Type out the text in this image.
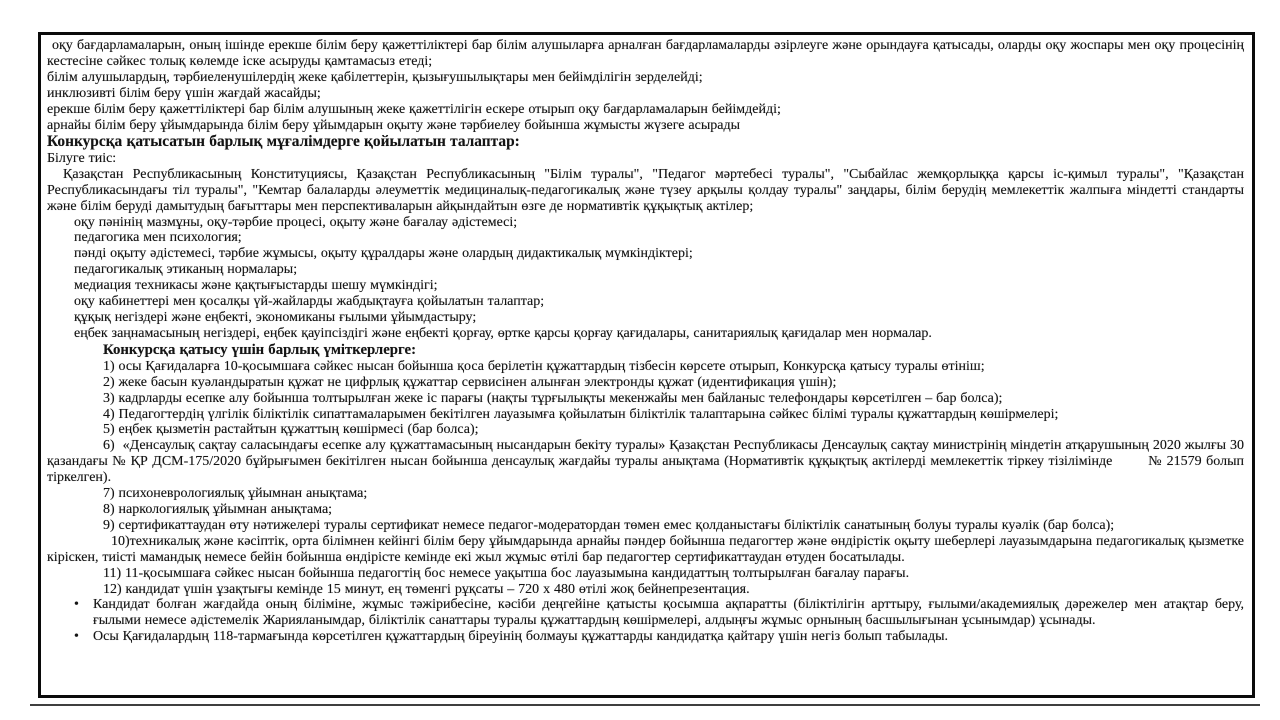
оқу бағдарламаларын, оның ішінде ерекше білім беру қажеттіліктері бар білім алушыларға арналған бағдарламаларды әзірлеуге және орындауға қатысады, оларды оқу жоспары мен оқу процесінің кестесіне сәйкес толық көлемде іске асыруды қамтамасыз етеді;

білім алушылардың, тәрбиеленушілердің жеке қабілеттерін, қызығушылықтары мен бейімділігін зерделейді;

инклюзивті білім беру үшін жағдай жасайды;

ерекше білім беру қажеттіліктері бар білім алушының жеке қажеттілігін ескере отырып оқу бағдарламаларын бейімдейді;

арнайы білім беру ұйымдарында білім беру ұйымдарын оқыту және тәрбиелеу бойынша жұмысты жүзеге асырады

Конкурсқа қатысатын барлық мұғалімдерге қойылатын талаптар:

Білуге тиіс:

Қазақстан Республикасының Конституциясы, Қазақстан Республикасының "Білім туралы", "Педагог мәртебесі туралы", "Сыбайлас жемқорлыққа қарсы іс-қимыл туралы", "Қазақстан Республикасындағы тіл туралы", "Кемтар балаларды әлеуметтік медициналық-педагогикалық және түзеу арқылы қолдау туралы" заңдары, білім берудің мемлекеттік жалпыға міндетті стандарты және білім беруді дамытудың бағыттары мен перспективаларын айқындайтын өзге де нормативтік құқықтық актілер;

оқу пәнінің мазмұны, оқу-тәрбие процесі, оқыту және бағалау әдістемесі;
педагогика мен психология;
пәнді оқыту әдістемесі, тәрбие жұмысы, оқыту құралдары және олардың дидактикалық мүмкіндіктері;
педагогикалық этиканың нормалары;
медиация техникасы және қақтығыстарды шешу мүмкіндігі;
оқу кабинеттері мен қосалқы үй-жайларды жабдықтауға қойылатын талаптар;
құқық негіздері және еңбекті, экономиканы ғылыми ұйымдастыру;
еңбек заңнамасының негіздері, еңбек қауіпсіздігі және еңбекті қорғау, өртке қарсы қорғау қағидалары, санитариялық қағидалар мен нормалар.

Конкурсқа қатысу үшін барлық үміткерлерге:

1) осы Қағидаларға 10-қосымшаға сәйкес нысан бойынша қоса берілетін құжаттардың тізбесін көрсете отырып, Конкурсқа қатысу туралы өтініш;

2) жеке басын куәландыратын құжат не цифрлық құжаттар сервисінен алынған электронды құжат (идентификация үшін);

3) кадрларды есепке алу бойынша толтырылған жеке іс парағы (нақты тұрғылықты мекенжайы мен байланыс телефондары көрсетілген – бар болса);

4) Педагогтердің үлгілік біліктілік сипаттамаларымен бекітілген лауазымға қойылатын біліктілік талаптарына сәйкес білімі туралы құжаттардың көшірмелері;

5) еңбек қызметін растайтын құжаттың көшірмесі (бар болса);

6)  «Денсаулық сақтау саласындағы есепке алу құжаттамасының нысандарын бекіту туралы» Қазақстан Республикасы Денсаулық сақтау министрінің міндетін атқарушының 2020 жылғы 30 қазандағы № ҚР ДСМ-175/2020 бұйрығымен бекітілген нысан бойынша денсаулық жағдайы туралы анықтама (Нормативтік құқықтық актілерді мемлекеттік тіркеу тізілімінде        № 21579 болып тіркелген).

7) психоневрологиялық ұйымнан анықтама;

8) наркологиялық ұйымнан анықтама;

9) сертификаттаудан өту нәтижелері туралы сертификат немесе педагог-модератордан төмен емес қолданыстағы біліктілік санатының болуы туралы куәлік (бар болса);

10)техникалық және кәсіптік, орта білімнен кейінгі білім беру ұйымдарында арнайы пәндер бойынша педагогтер және өндірістік оқыту шеберлері лауазымдарына педагогикалық қызметке кіріскен, тиісті мамандық немесе бейін бойынша өндірісте кемінде екі жыл жұмыс өтілі бар педагогтер сертификаттаудан өтуден босатылады.

11) 11-қосымшаға сәйкес нысан бойынша педагогтің бос немесе уақытша бос лауазымына кандидаттың толтырылған бағалау парағы.

12) кандидат үшін ұзақтығы кемінде 15 минут, ең төменгі рұқсаты – 720 х 480 өтілі жоқ бейнепрезентация.

• Кандидат болған жағдайда оның біліміне, жұмыс тәжірибесіне, кәсіби деңгейіне қатысты қосымша ақпаратты (біліктілігін арттыру, ғылыми/академиялық дәрежелер мен атақтар беру, ғылыми немесе әдістемелік Жарияланымдар, біліктілік санаттары туралы құжаттардың көшірмелері, алдыңғы жұмыс орнының басшылығынан ұсынымдар) ұсынады.
• Осы Қағидалардың 118-тармағында көрсетілген құжаттардың біреуінің болмауы құжаттарды кандидатқа қайтару үшін негіз болып табылады.
